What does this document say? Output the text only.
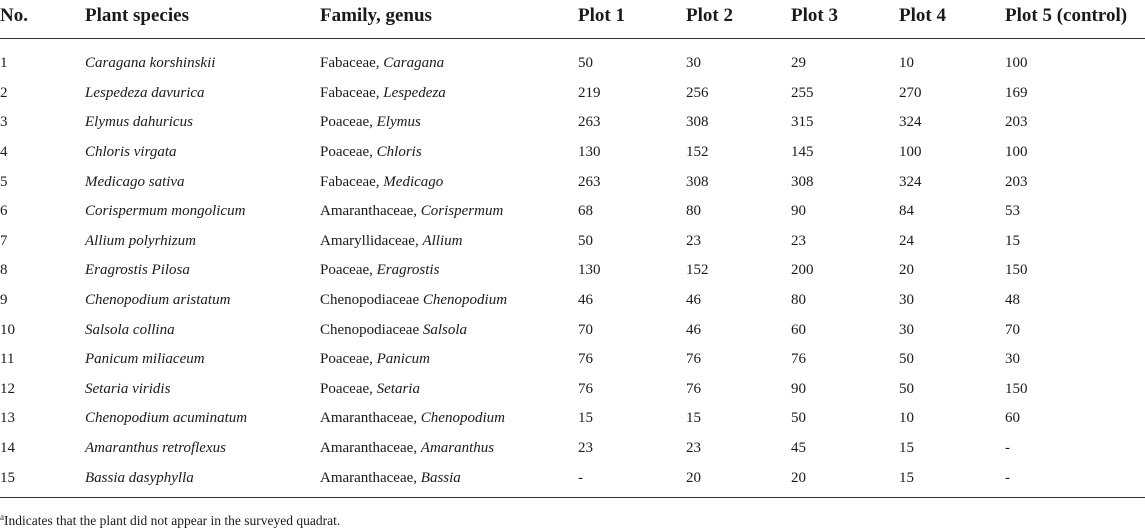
No.	Plant species	Family, genus	Plot 1	Plot 2	Plot 3	Plot 4	Plot 5 (control)
1	Caragana korshinskii	Fabaceae, Caragana	50	30	29	10	100
2	Lespedeza davurica	Fabaceae, Lespedeza	219	256	255	270	169
3	Elymus dahuricus	Poaceae, Elymus	263	308	315	324	203
4	Chloris virgata	Poaceae, Chloris	130	152	145	100	100
5	Medicago sativa	Fabaceae, Medicago	263	308	308	324	203
6	Corispermum mongolicum	Amaranthaceae, Corispermum	68	80	90	84	53
7	Allium polyrhizum	Amaryllidaceae, Allium	50	23	23	24	15
8	Eragrostis Pilosa	Poaceae, Eragrostis	130	152	200	20	150
9	Chenopodium aristatum	Chenopodiaceae Chenopodium	46	46	80	30	48
10	Salsola collina	Chenopodiaceae Salsola	70	46	60	30	70
11	Panicum miliaceum	Poaceae, Panicum	76	76	76	50	30
12	Setaria viridis	Poaceae, Setaria	76	76	90	50	150
13	Chenopodium acuminatum	Amaranthaceae, Chenopodium	15	15	50	10	60
14	Amaranthus retroflexus	Amaranthaceae, Amaranthus	23	23	45	15	-
15	Bassia dasyphylla	Amaranthaceae, Bassia	-	20	20	15	-
$^a$Indicates that the plant did not appear in the surveyed quadrat.
